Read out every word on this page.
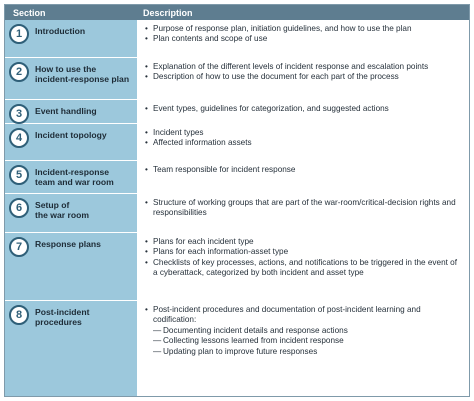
Section	Description
1	Introduction	• Purpose of response plan, initiation guidelines, and how to use the plan
• Plan contents and scope of use
2	How to use the
incident-response plan
• Explanation of the different levels of incident response and escalation points
• Description of how to use the document for each part of the process
3	Event handling	• Event types, guidelines for categorization, and suggested actions
4	Incident topology	• Incident types
• Affected information assets
5	Incident-response
team and war room
• Team responsible for incident response
6	Setup of
the war room
• Structure of working groups that are part of the war-room/critical-decision rights and responsibilities
7	Response plans	• Plans for each incident type
• Plans for each information-asset type
• Checklists of key processes, actions, and notifications to be triggered in the event of a cyberattack, categorized by both incident and asset type
8	Post-incident
procedures
• Post-incident procedures and documentation of post-incident learning and codification:
— Documenting incident details and response actions
— Collecting lessons learned from incident response
— Updating plan to improve future responses
